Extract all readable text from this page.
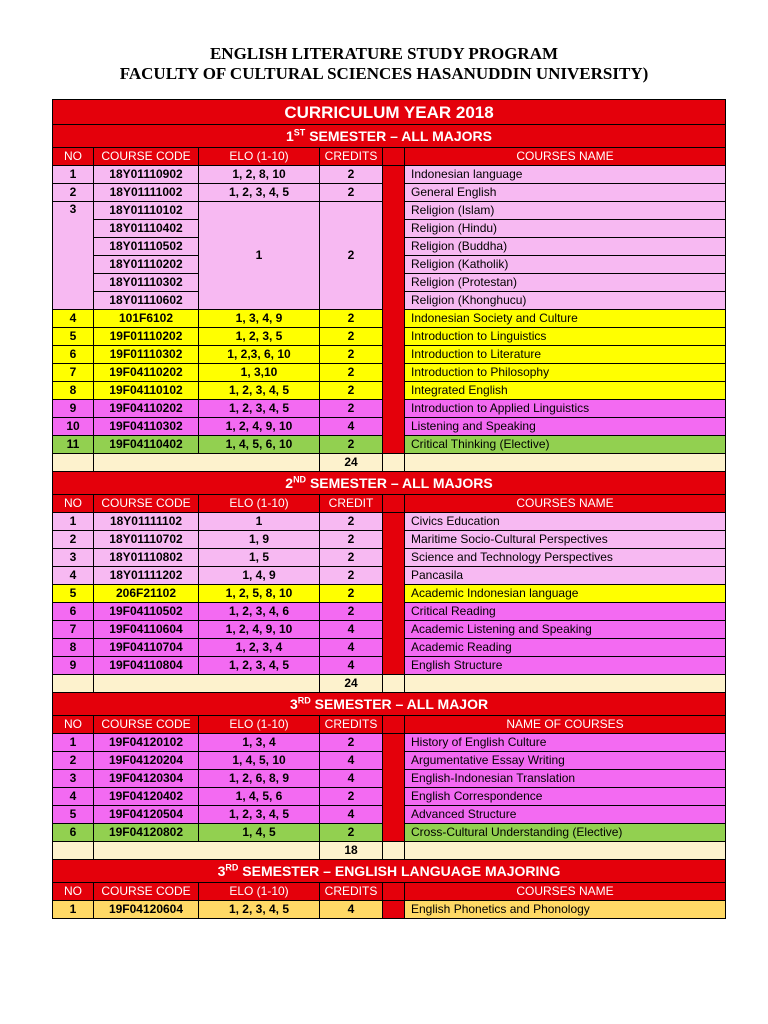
ENGLISH LITERATURE STUDY PROGRAM
FACULTY OF CULTURAL SCIENCES HASANUDDIN UNIVERSITY)
CURRICULUM YEAR 2018					
1ST SEMESTER – ALL MAJORS					
NO	COURSE CODE	ELO (1-10)	CREDITS		COURSES NAME
1	18Y01110902	1, 2, 8, 10	2		Indonesian language
2	18Y01111002	1, 2, 3, 4, 5	2		General English
3	18Y01110102	1	2		Religion (Islam)
	18Y01110402				Religion (Hindu)
	18Y01110502				Religion (Buddha)
	18Y01110202				Religion (Katholik)
	18Y01110302				Religion (Protestan)
	18Y01110602				Religion (Khonghucu)
4	101F6102	1, 3, 4, 9	2		Indonesian Society and Culture
5	19F01110202	1, 2, 3, 5	2		Introduction to Linguistics
6	19F01110302	1, 2,3, 6, 10	2		Introduction to Literature
7	19F04110202	1, 3,10	2		Introduction to Philosophy
8	19F04110102	1, 2, 3, 4, 5	2		Integrated English
9	19F04110202	1, 2, 3, 4, 5	2		Introduction to Applied Linguistics
10	19F04110302	1, 2, 4, 9, 10	4		Listening and Speaking
11	19F04110402	1, 4, 5, 6, 10	2		Critical Thinking (Elective)
			24		
2ND SEMESTER – ALL MAJORS					
NO	COURSE CODE	ELO (1-10)	CREDIT		COURSES NAME
1	18Y01111102	1	2		Civics Education
2	18Y01110702	1, 9	2		Maritime Socio-Cultural Perspectives
3	18Y01110802	1, 5	2		Science and Technology Perspectives
4	18Y01111202	1, 4, 9	2		Pancasila
5	206F21102	1, 2, 5, 8, 10	2		Academic Indonesian language
6	19F04110502	1, 2, 3, 4, 6	2		Critical Reading
7	19F04110604	1, 2, 4, 9, 10	4		Academic Listening and Speaking
8	19F04110704	1, 2, 3, 4	4		Academic Reading
9	19F04110804	1, 2, 3, 4, 5	4		English Structure
			24		
3RD SEMESTER – ALL MAJOR					
NO	COURSE CODE	ELO (1-10)	CREDITS		NAME OF COURSES
1	19F04120102	1, 3, 4	2		History of English Culture
2	19F04120204	1, 4, 5, 10	4		Argumentative Essay Writing
3	19F04120304	1, 2, 6, 8, 9	4		English-Indonesian Translation
4	19F04120402	1, 4, 5, 6	2		English Correspondence
5	19F04120504	1, 2, 3, 4, 5	4		Advanced Structure
6	19F04120802	1, 4, 5	2		Cross-Cultural Understanding (Elective)
			18		
3RD SEMESTER – ENGLISH LANGUAGE MAJORING					
NO	COURSE CODE	ELO (1-10)	CREDITS		COURSES NAME
1	19F04120604	1, 2, 3, 4, 5	4		English Phonetics and Phonology
